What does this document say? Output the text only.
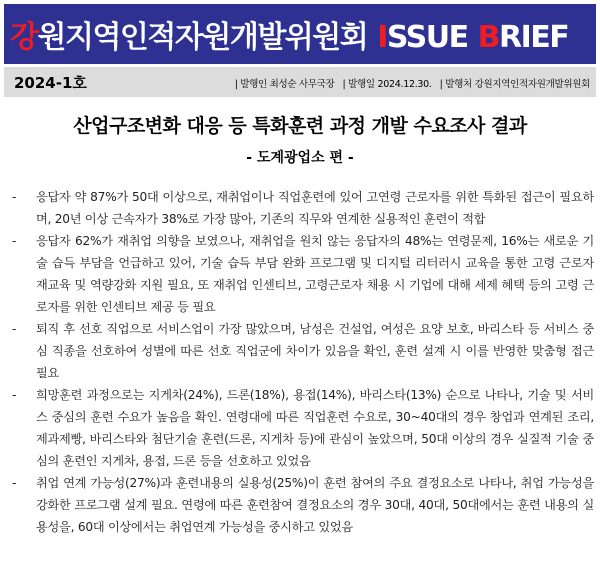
강원지역인적자원개발위원회 ISSUE BRIEF
2024-1호	| 발행인 최성순 사무국장 | 발행일 2024.12.30. | 발행처 강원지역인적자원개발위원회
산업구조변화 대응 등 특화훈련 과정 개발 수요조사 결과
- 도계광업소 편 -

- 응답자 약 87%가 50대 이상으로, 재취업이나 직업훈련에 있어 고연령 근로자를 위한 특화된 접근이 필요하며, 20년 이상 근속자가 38%로 가장 많아, 기존의 직무와 연계한 실용적인 훈련이 적합

- 응답자 62%가 재취업 의향을 보였으나, 재취업을 원치 않는 응답자의 48%는 연령문제, 16%는 새로운 기술 습득 부담을 언급하고 있어, 기술 습득 부담 완화 프로그램 및 디지털 리터러시 교육을 통한 고령 근로자 재교육 및 역량강화 지원 필요, 또 재취업 인센티브, 고령근로자 채용 시 기업에 대해 세제 혜택 등의 고령 근로자를 위한 인센티브 제공 등 필요

- 퇴직 후 선호 직업으로 서비스업이 가장 많았으며, 남성은 건설업, 여성은 요양 보호, 바리스타 등 서비스 중심 직종을 선호하여 성별에 따른 선호 직업군에 차이가 있음을 확인, 훈련 설계 시 이를 반영한 맞춤형 접근 필요

- 희망훈련 과정으로는 지게차(24%), 드론(18%), 용접(14%), 바리스타(13%) 순으로 나타나, 기술 및 서비스 중심의 훈련 수요가 높음을 확인. 연령대에 따른 직업훈련 수요로, 30~40대의 경우 창업과 연계된 조리, 제과제빵, 바리스타와 첨단기술 훈련(드론, 지게차 등)에 관심이 높았으며, 50대 이상의 경우 실질적 기술 중심의 훈련인 지게차, 용접, 드론 등을 선호하고 있었음

- 취업 연계 가능성(27%)과 훈련내용의 실용성(25%)이 훈련 참여의 주요 결정요소로 나타나, 취업 가능성을 강화한 프로그램 설계 필요. 연령에 따른 훈련참여 결정요소의 경우 30대, 40대, 50대에서는 훈련 내용의 실용성을, 60대 이상에서는 취업연계 가능성을 중시하고 있었음
